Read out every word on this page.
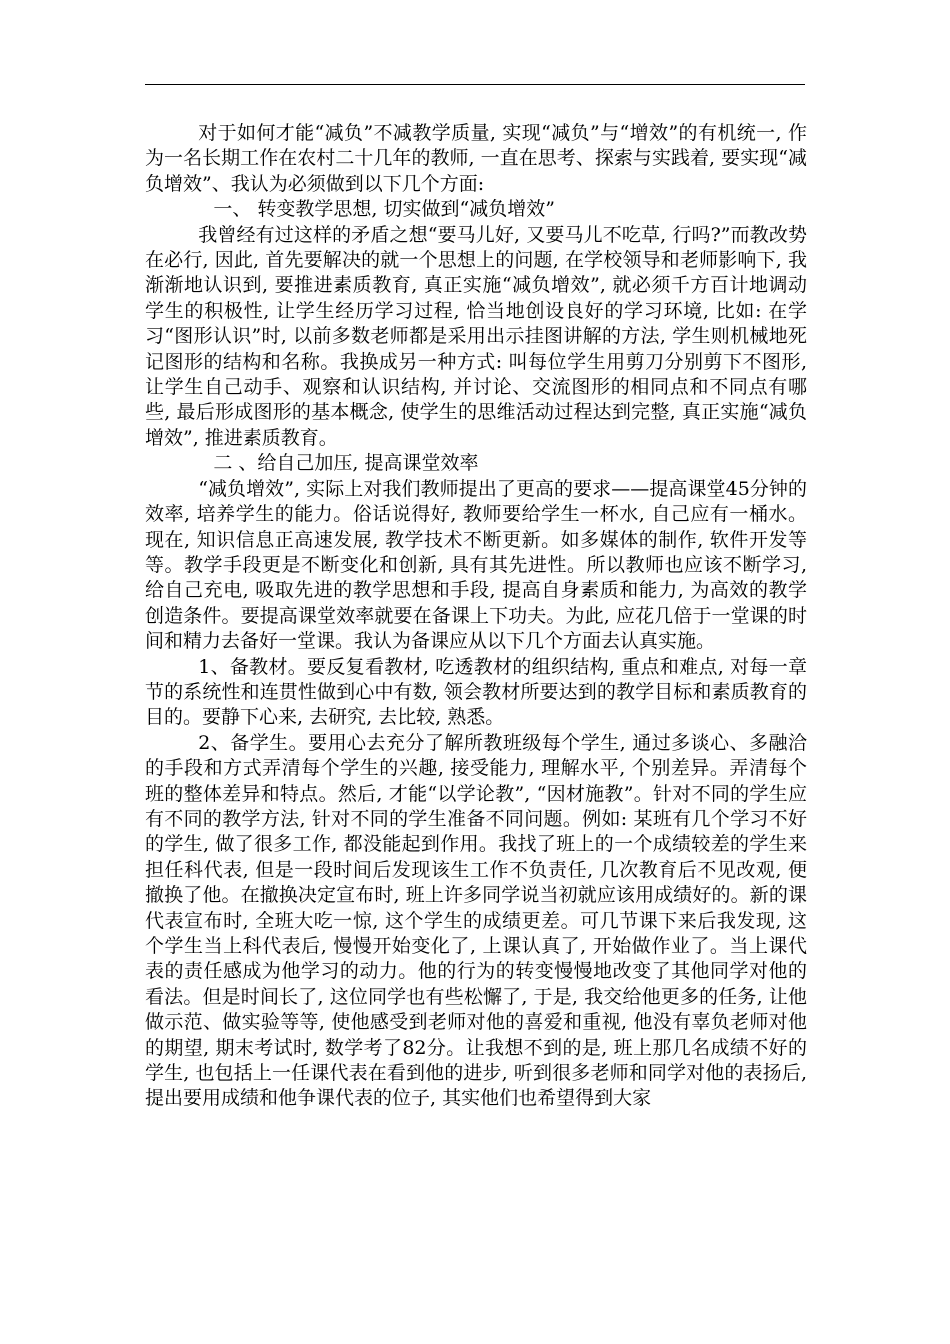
对于如何才能“减负”不减教学质量, 实现“减负”与“增效”的有机统一, 作为一名长期工作在农村二十几年的教师, 一直在思考、探索与实践着, 要实现“减负增效”、我认为必须做到以下几个方面:

一、 转变教学思想, 切实做到“减负增效”

我曾经有过这样的矛盾之想“要马儿好, 又要马儿不吃草, 行吗?”而教改势在必行, 因此, 首先要解决的就一个思想上的问题, 在学校领导和老师影响下, 我渐渐地认识到, 要推进素质教育, 真正实施“减负增效”, 就必须千方百计地调动学生的积极性, 让学生经历学习过程, 恰当地创设良好的学习环境, 比如: 在学习“图形认识”时, 以前多数老师都是采用出示挂图讲解的方法, 学生则机械地死记图形的结构和名称。我换成另一种方式: 叫每位学生用剪刀分别剪下不图形, 让学生自己动手、观察和认识结构, 并讨论、交流图形的相同点和不同点有哪些, 最后形成图形的基本概念, 使学生的思维活动过程达到完整, 真正实施“减负增效”, 推进素质教育。

二 、给自己加压, 提高课堂效率

“减负增效”, 实际上对我们教师提出了更高的要求——提高课堂45分钟的效率, 培养学生的能力。俗话说得好, 教师要给学生一杯水, 自己应有一桶水。现在, 知识信息正高速发展, 教学技术不断更新。如多媒体的制作, 软件开发等等。教学手段更是不断变化和创新, 具有其先进性。所以教师也应该不断学习, 给自己充电, 吸取先进的教学思想和手段, 提高自身素质和能力, 为高效的教学创造条件。要提高课堂效率就要在备课上下功夫。为此, 应花几倍于一堂课的时间和精力去备好一堂课。我认为备课应从以下几个方面去认真实施。

1、备教材。要反复看教材, 吃透教材的组织结构, 重点和难点, 对每一章节的系统性和连贯性做到心中有数, 领会教材所要达到的教学目标和素质教育的目的。要静下心来, 去研究, 去比较, 熟悉。

2、备学生。要用心去充分了解所教班级每个学生, 通过多谈心、多融洽的手段和方式弄清每个学生的兴趣, 接受能力, 理解水平, 个别差异。弄清每个班的整体差异和特点。然后, 才能“以学论教”, “因材施教”。针对不同的学生应有不同的教学方法, 针对不同的学生准备不同问题。例如: 某班有几个学习不好的学生, 做了很多工作, 都没能起到作用。我找了班上的一个成绩较差的学生来担任科代表, 但是一段时间后发现该生工作不负责任, 几次教育后不见改观, 便撤换了他。在撤换决定宣布时, 班上许多同学说当初就应该用成绩好的。新的课代表宣布时, 全班大吃一惊, 这个学生的成绩更差。可几节课下来后我发现, 这个学生当上科代表后, 慢慢开始变化了, 上课认真了, 开始做作业了。当上课代表的责任感成为他学习的动力。他的行为的转变慢慢地改变了其他同学对他的看法。但是时间长了, 这位同学也有些松懈了, 于是, 我交给他更多的任务, 让他做示范、做实验等等, 使他感受到老师对他的喜爱和重视, 他没有辜负老师对他的期望, 期末考试时, 数学考了82分。让我想不到的是, 班上那几名成绩不好的学生, 也包括上一任课代表在看到他的进步, 听到很多老师和同学对他的表扬后, 提出要用成绩和他争课代表的位子, 其实他们也希望得到大家
